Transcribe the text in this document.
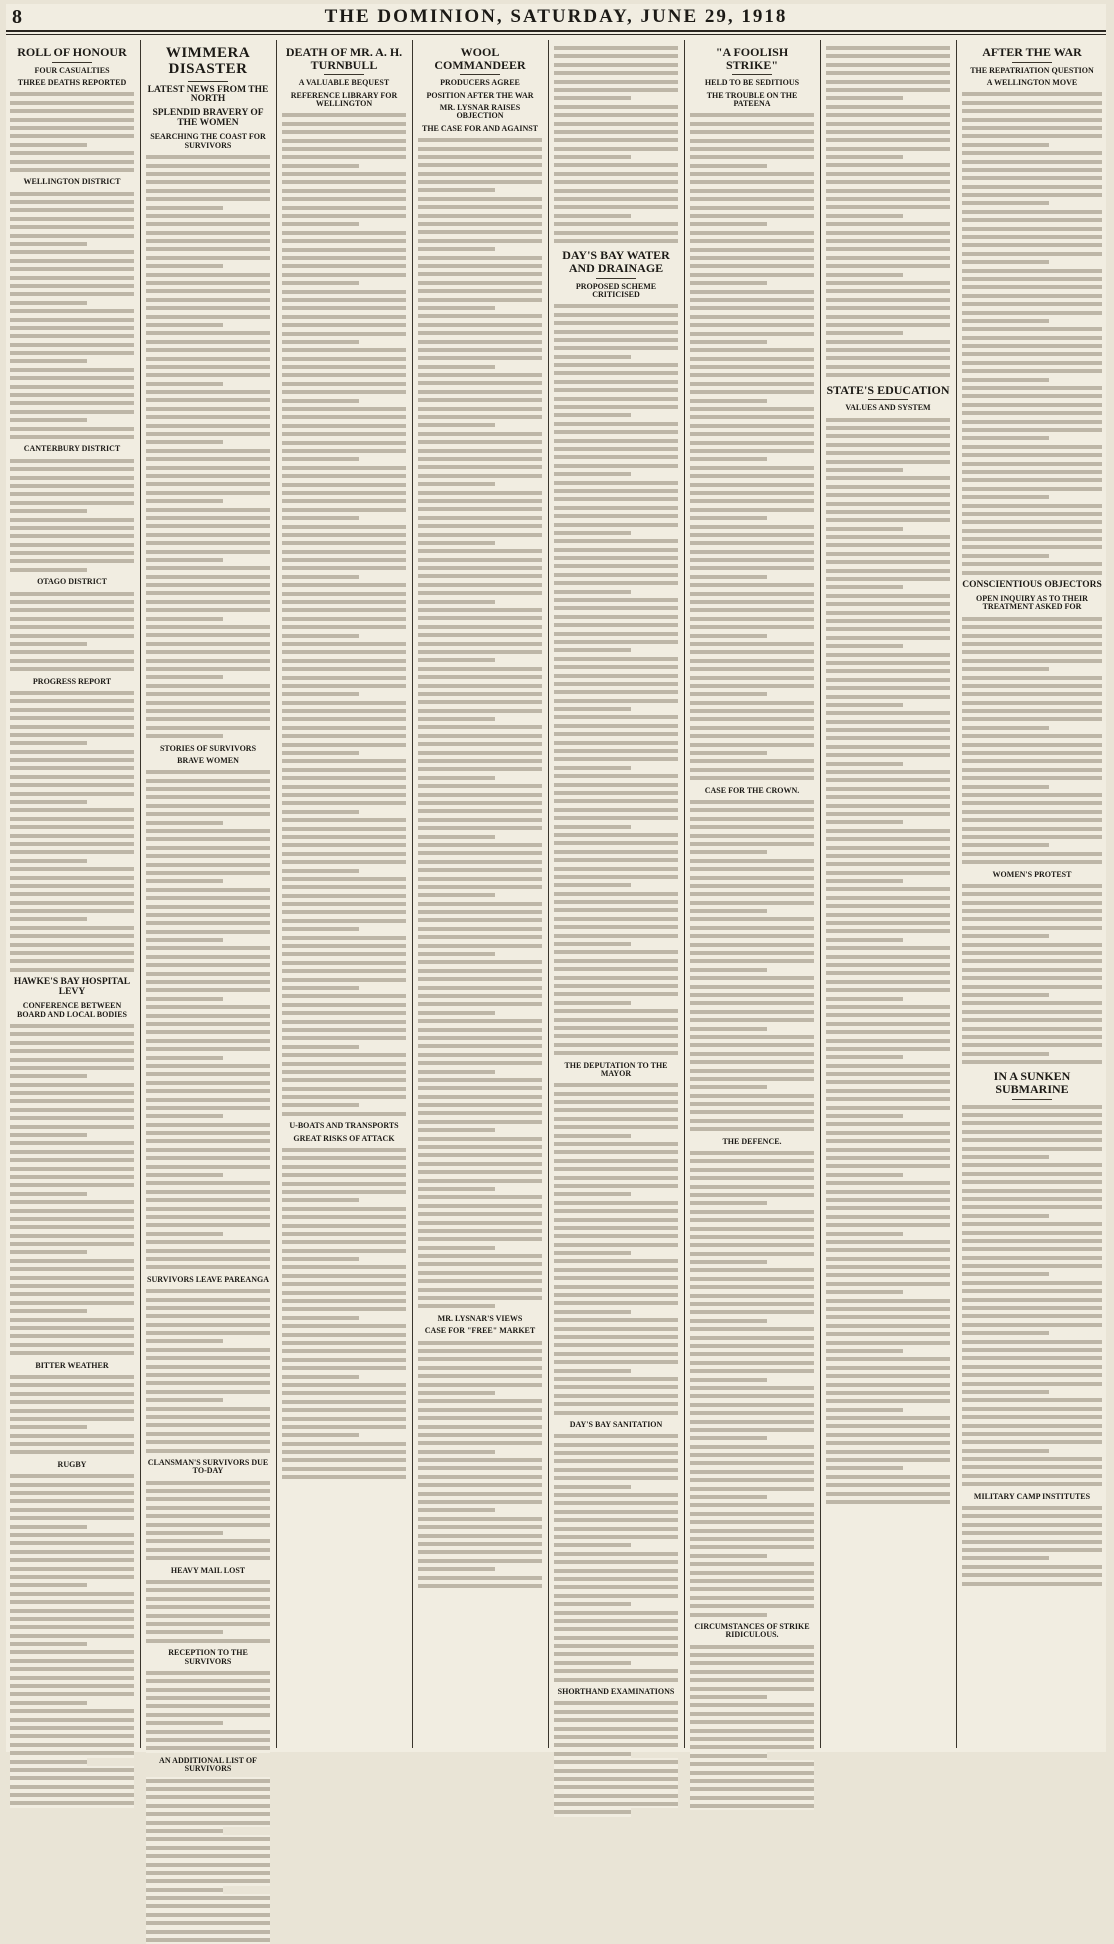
8	THE DOMINION, SATURDAY, JUNE 29, 1918
ROLL OF HONOUR
FOUR CASUALTIES
THREE DEATHS REPORTED
WELLINGTON DISTRICT
CANTERBURY DISTRICT
OTAGO DISTRICT
PROGRESS REPORT
HAWKE'S BAY HOSPITAL LEVY
CONFERENCE BETWEEN BOARD AND LOCAL BODIES
BITTER WEATHER
RUGBY
WIMMERA DISASTER
LATEST NEWS FROM THE NORTH
SPLENDID BRAVERY OF THE WOMEN
SEARCHING THE COAST FOR SURVIVORS
STORIES OF SURVIVORS
BRAVE WOMEN
SURVIVORS LEAVE PAREANGA
CLANSMAN'S SURVIVORS DUE TO-DAY
HEAVY MAIL LOST
RECEPTION TO THE SURVIVORS
AN ADDITIONAL LIST OF SURVIVORS
DEATH OF MR. A. H. TURNBULL
A VALUABLE BEQUEST
REFERENCE LIBRARY FOR WELLINGTON
U-BOATS AND TRANSPORTS
GREAT RISKS OF ATTACK
WOOL COMMANDEER
PRODUCERS AGREE
POSITION AFTER THE WAR
MR. LYSNAR RAISES OBJECTION
THE CASE FOR AND AGAINST
MR. LYSNAR'S VIEWS
CASE FOR "FREE" MARKET
DAY'S BAY WATER AND DRAINAGE
PROPOSED SCHEME CRITICISED
THE DEPUTATION TO THE MAYOR
DAY'S BAY SANITATION
SHORTHAND EXAMINATIONS
"A FOOLISH STRIKE"
HELD TO BE SEDITIOUS
THE TROUBLE ON THE PATEENA
CASE FOR THE CROWN.
THE DEFENCE.
CIRCUMSTANCES OF STRIKE RIDICULOUS.
STATE'S EDUCATION
VALUES AND SYSTEM
AFTER THE WAR
THE REPATRIATION QUESTION
A WELLINGTON MOVE
CONSCIENTIOUS OBJECTORS
OPEN INQUIRY AS TO THEIR TREATMENT ASKED FOR
WOMEN'S PROTEST
IN A SUNKEN SUBMARINE
MILITARY CAMP INSTITUTES
